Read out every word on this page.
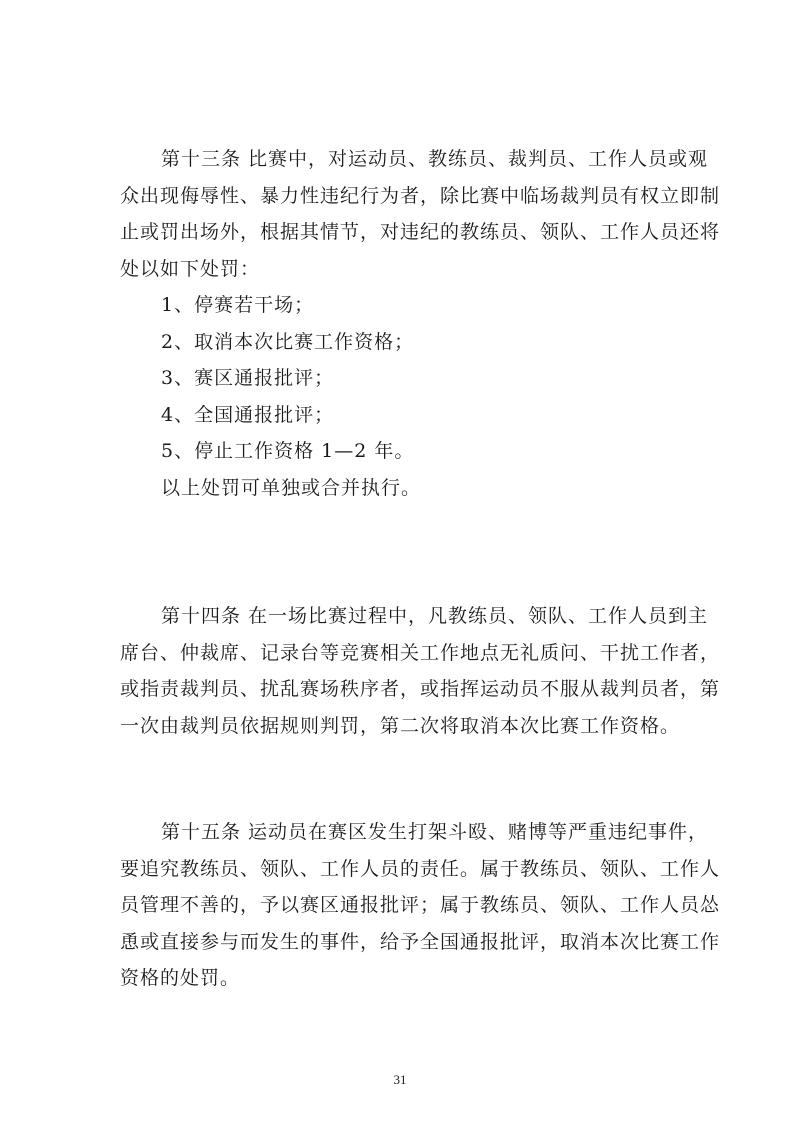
第十三条 比赛中，对运动员、教练员、裁判员、工作人员或观
众出现侮辱性、暴力性违纪行为者，除比赛中临场裁判员有权立即制
止或罚出场外，根据其情节，对违纪的教练员、领队、工作人员还将
处以如下处罚：
1、停赛若干场；
2、取消本次比赛工作资格；
3、赛区通报批评；
4、全国通报批评；
5、停止工作资格 1—2 年。
以上处罚可单独或合并执行。
第十四条 在一场比赛过程中，凡教练员、领队、工作人员到主
席台、仲裁席、记录台等竞赛相关工作地点无礼质问、干扰工作者，
或指责裁判员、扰乱赛场秩序者，或指挥运动员不服从裁判员者，第
一次由裁判员依据规则判罚，第二次将取消本次比赛工作资格。
第十五条 运动员在赛区发生打架斗殴、赌博等严重违纪事件，
要追究教练员、领队、工作人员的责任。属于教练员、领队、工作人
员管理不善的，予以赛区通报批评；属于教练员、领队、工作人员怂
恿或直接参与而发生的事件，给予全国通报批评，取消本次比赛工作
资格的处罚。
31
